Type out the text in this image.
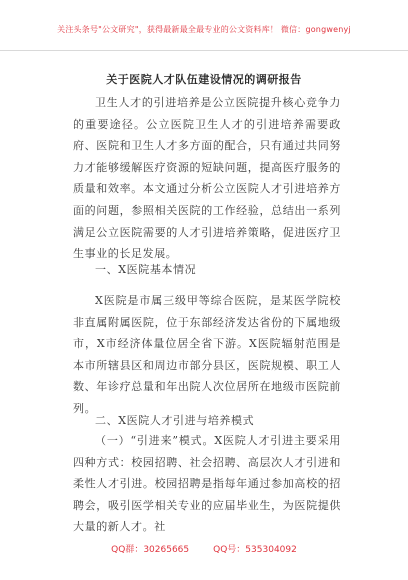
关注头条号"公文研究"，获得最新最全最专业的公文资料库！ 微信：gongwenyj
关于医院人才队伍建设情况的调研报告
卫生人才的引进培养是公立医院提升核心竞争力的重要途径。公立医院卫生人才的引进培养需要政府、医院和卫生人才多方面的配合，只有通过共同努力才能够缓解医疗资源的短缺问题，提高医疗服务的质量和效率。本文通过分析公立医院人才引进培养方面的问题，参照相关医院的工作经验，总结出一系列满足公立医院需要的人才引进培养策略，促进医疗卫生事业的长足发展。
一、X医院基本情况
X医院是市属三级甲等综合医院，是某医学院校非直属附属医院，位于东部经济发达省份的下属地级市，X市经济体量位居全省下游。X医院辐射范围是本市所辖县区和周边市部分县区，医院规模、职工人数、年诊疗总量和年出院人次位居所在地级市医院前列。
二、X医院人才引进与培养模式
（一）“引进来”模式。X医院人才引进主要采用四种方式：校园招聘、社会招聘、高层次人才引进和柔性人才引进。校园招聘是指每年通过参加高校的招聘会，吸引医学相关专业的应届毕业生，为医院提供大量的新人才。社
QQ群：30265665	QQ号：535304092
